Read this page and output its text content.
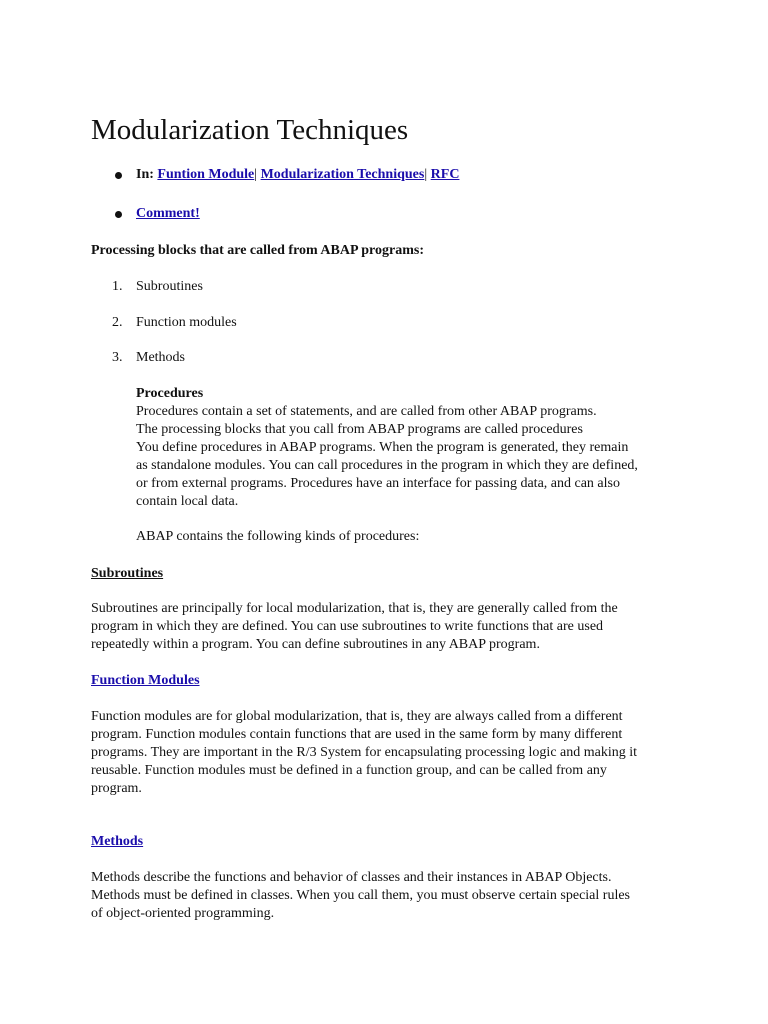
Modularization Techniques
In: Funtion Module| Modularization Techniques| RFC
Comment!
Processing blocks that are called from ABAP programs:
1. Subroutines
2. Function modules
3. Methods
Procedures
Procedures contain a set of statements, and are called from other ABAP programs.
The processing blocks that you call from ABAP programs are called procedures
You define procedures in ABAP programs. When the program is generated, they remain
as standalone modules. You can call procedures in the program in which they are defined,
or from external programs. Procedures have an interface for passing data, and can also
contain local data.
ABAP contains the following kinds of procedures:
Subroutines
Subroutines are principally for local modularization, that is, they are generally called from the
program in which they are defined. You can use subroutines to write functions that are used
repeatedly within a program. You can define subroutines in any ABAP program.
Function Modules
Function modules are for global modularization, that is, they are always called from a different
program. Function modules contain functions that are used in the same form by many different
programs. They are important in the R/3 System for encapsulating processing logic and making it
reusable. Function modules must be defined in a function group, and can be called from any
program.
Methods
Methods describe the functions and behavior of classes and their instances in ABAP Objects.
Methods must be defined in classes. When you call them, you must observe certain special rules
of object-oriented programming.
